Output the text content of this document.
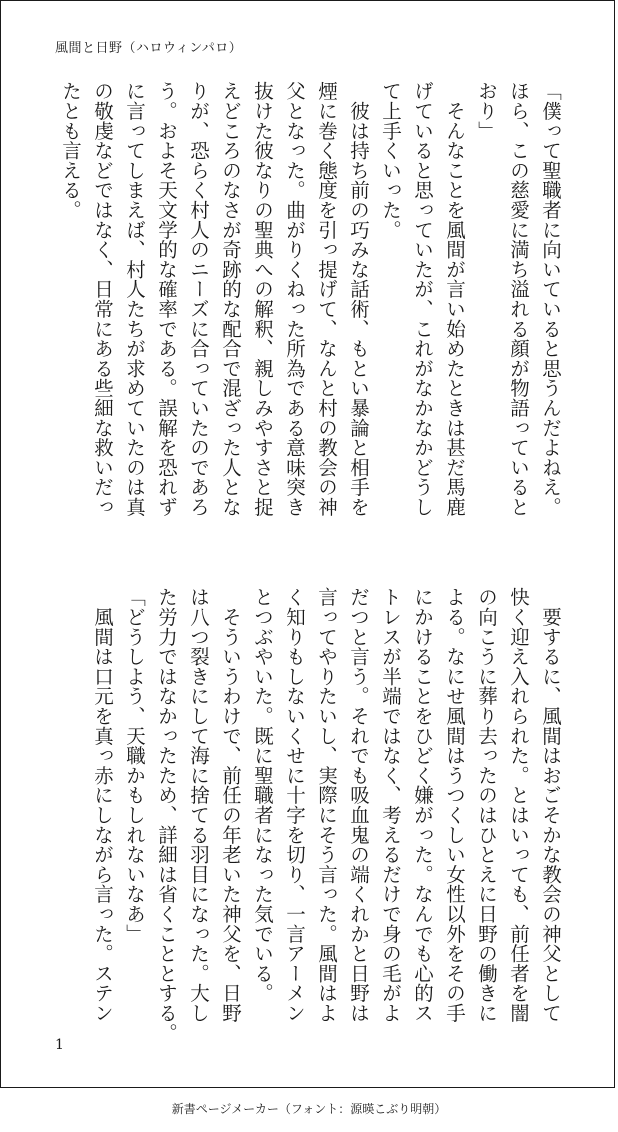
風間と日野（ハロウィンパロ）
「僕って聖職者に向いていると思うんだよねえ。
ほら、この慈愛に満ち溢れる顔が物語っていると
おり」
　そんなことを風間が言い始めたときは甚だ馬鹿
げていると思っていたが、これがなかなかどうし
て上手くいった。
　彼は持ち前の巧みな話術、もとい暴論と相手を
煙に巻く態度を引っ提げて、なんと村の教会の神
父となった。曲がりくねった所為である意味突き
抜けた彼なりの聖典への解釈、親しみやすさと捉
えどころのなさが奇跡的な配合で混ざった人とな
りが、恐らく村人のニーズに合っていたのであろ
う。およそ天文学的な確率である。誤解を恐れず
に言ってしまえば、村人たちが求めていたのは真
の敬虔などではなく、日常にある些細な救いだっ
たとも言える。
　要するに、風間はおごそかな教会の神父として
快く迎え入れられた。とはいっても、前任者を闇
の向こうに葬り去ったのはひとえに日野の働きに
よる。なにせ風間はうつくしい女性以外をその手
にかけることをひどく嫌がった。なんでも心的ス
トレスが半端ではなく、考えるだけで身の毛がよ
だつと言う。それでも吸血鬼の端くれかと日野は
言ってやりたいし、実際にそう言った。風間はよ
く知りもしないくせに十字を切り、一言アーメン
とつぶやいた。既に聖職者になった気でいる。
　そういうわけで、前任の年老いた神父を、日野
は八つ裂きにして海に捨てる羽目になった。大し
た労力ではなかったため、詳細は省くこととする。
「どうしよう、天職かもしれないなあ」
　風間は口元を真っ赤にしながら言った。ステン
1
新書ページメーカー（フォント：源暎こぶり明朝）
